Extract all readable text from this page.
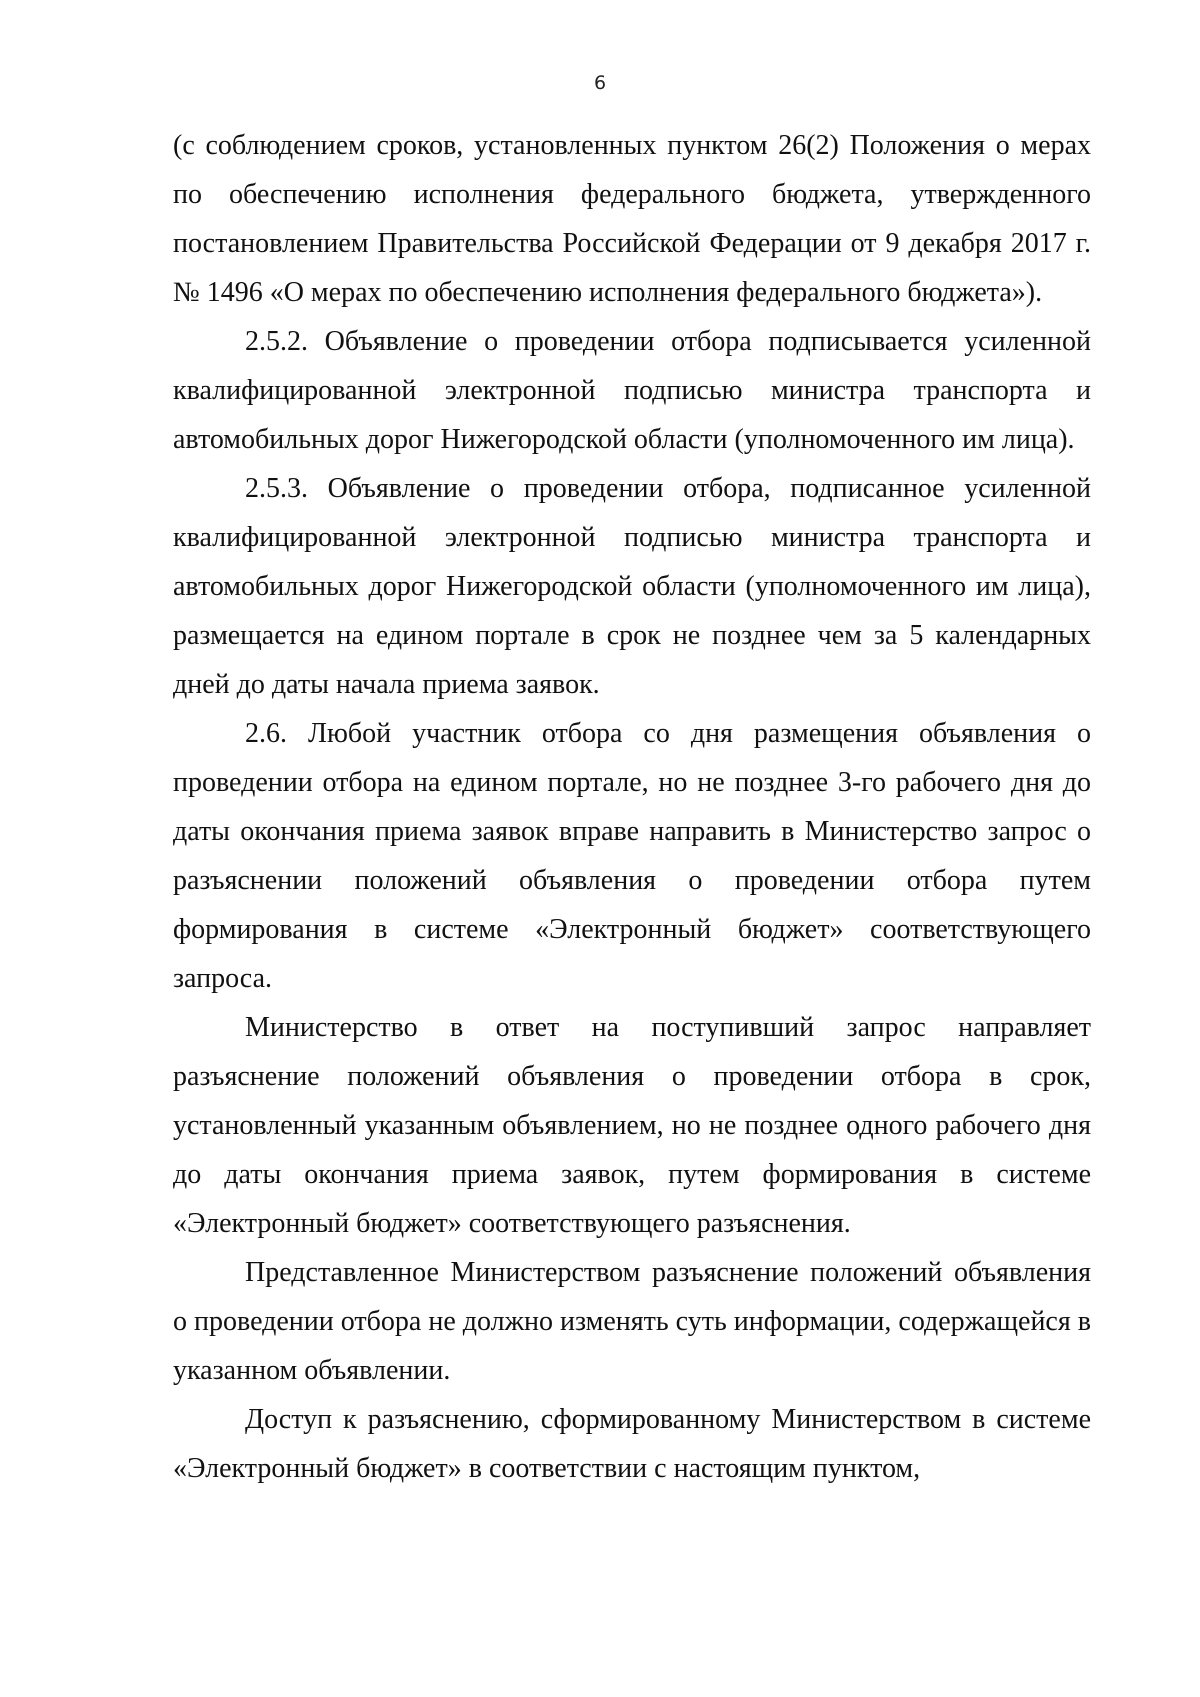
6

(с соблюдением сроков, установленных пунктом 26(2) Положения о мерах по обеспечению исполнения федерального бюджета, утвержденного постановлением Правительства Российской Федерации от 9 декабря 2017 г. № 1496 «О мерах по обеспечению исполнения федерального бюджета»).

2.5.2. Объявление о проведении отбора подписывается усиленной квалифицированной электронной подписью министра транспорта и автомобильных дорог Нижегородской области (уполномоченного им лица).

2.5.3. Объявление о проведении отбора, подписанное усиленной квалифицированной электронной подписью министра транспорта и автомобильных дорог Нижегородской области (уполномоченного им лица), размещается на едином портале в срок не позднее чем за 5 календарных дней до даты начала приема заявок.

2.6. Любой участник отбора со дня размещения объявления о проведении отбора на едином портале, но не позднее 3-го рабочего дня до даты окончания приема заявок вправе направить в Министерство запрос о разъяснении положений объявления о проведении отбора путем формирования в системе «Электронный бюджет» соответствующего запроса.

Министерство в ответ на поступивший запрос направляет разъяснение положений объявления о проведении отбора в срок, установленный указанным объявлением, но не позднее одного рабочего дня до даты окончания приема заявок, путем формирования в системе «Электронный бюджет» соответствующего разъяснения.

Представленное Министерством разъяснение положений объявления о проведении отбора не должно изменять суть информации, содержащейся в указанном объявлении.

Доступ к разъяснению, сформированному Министерством в системе «Электронный бюджет» в соответствии с настоящим пунктом,
